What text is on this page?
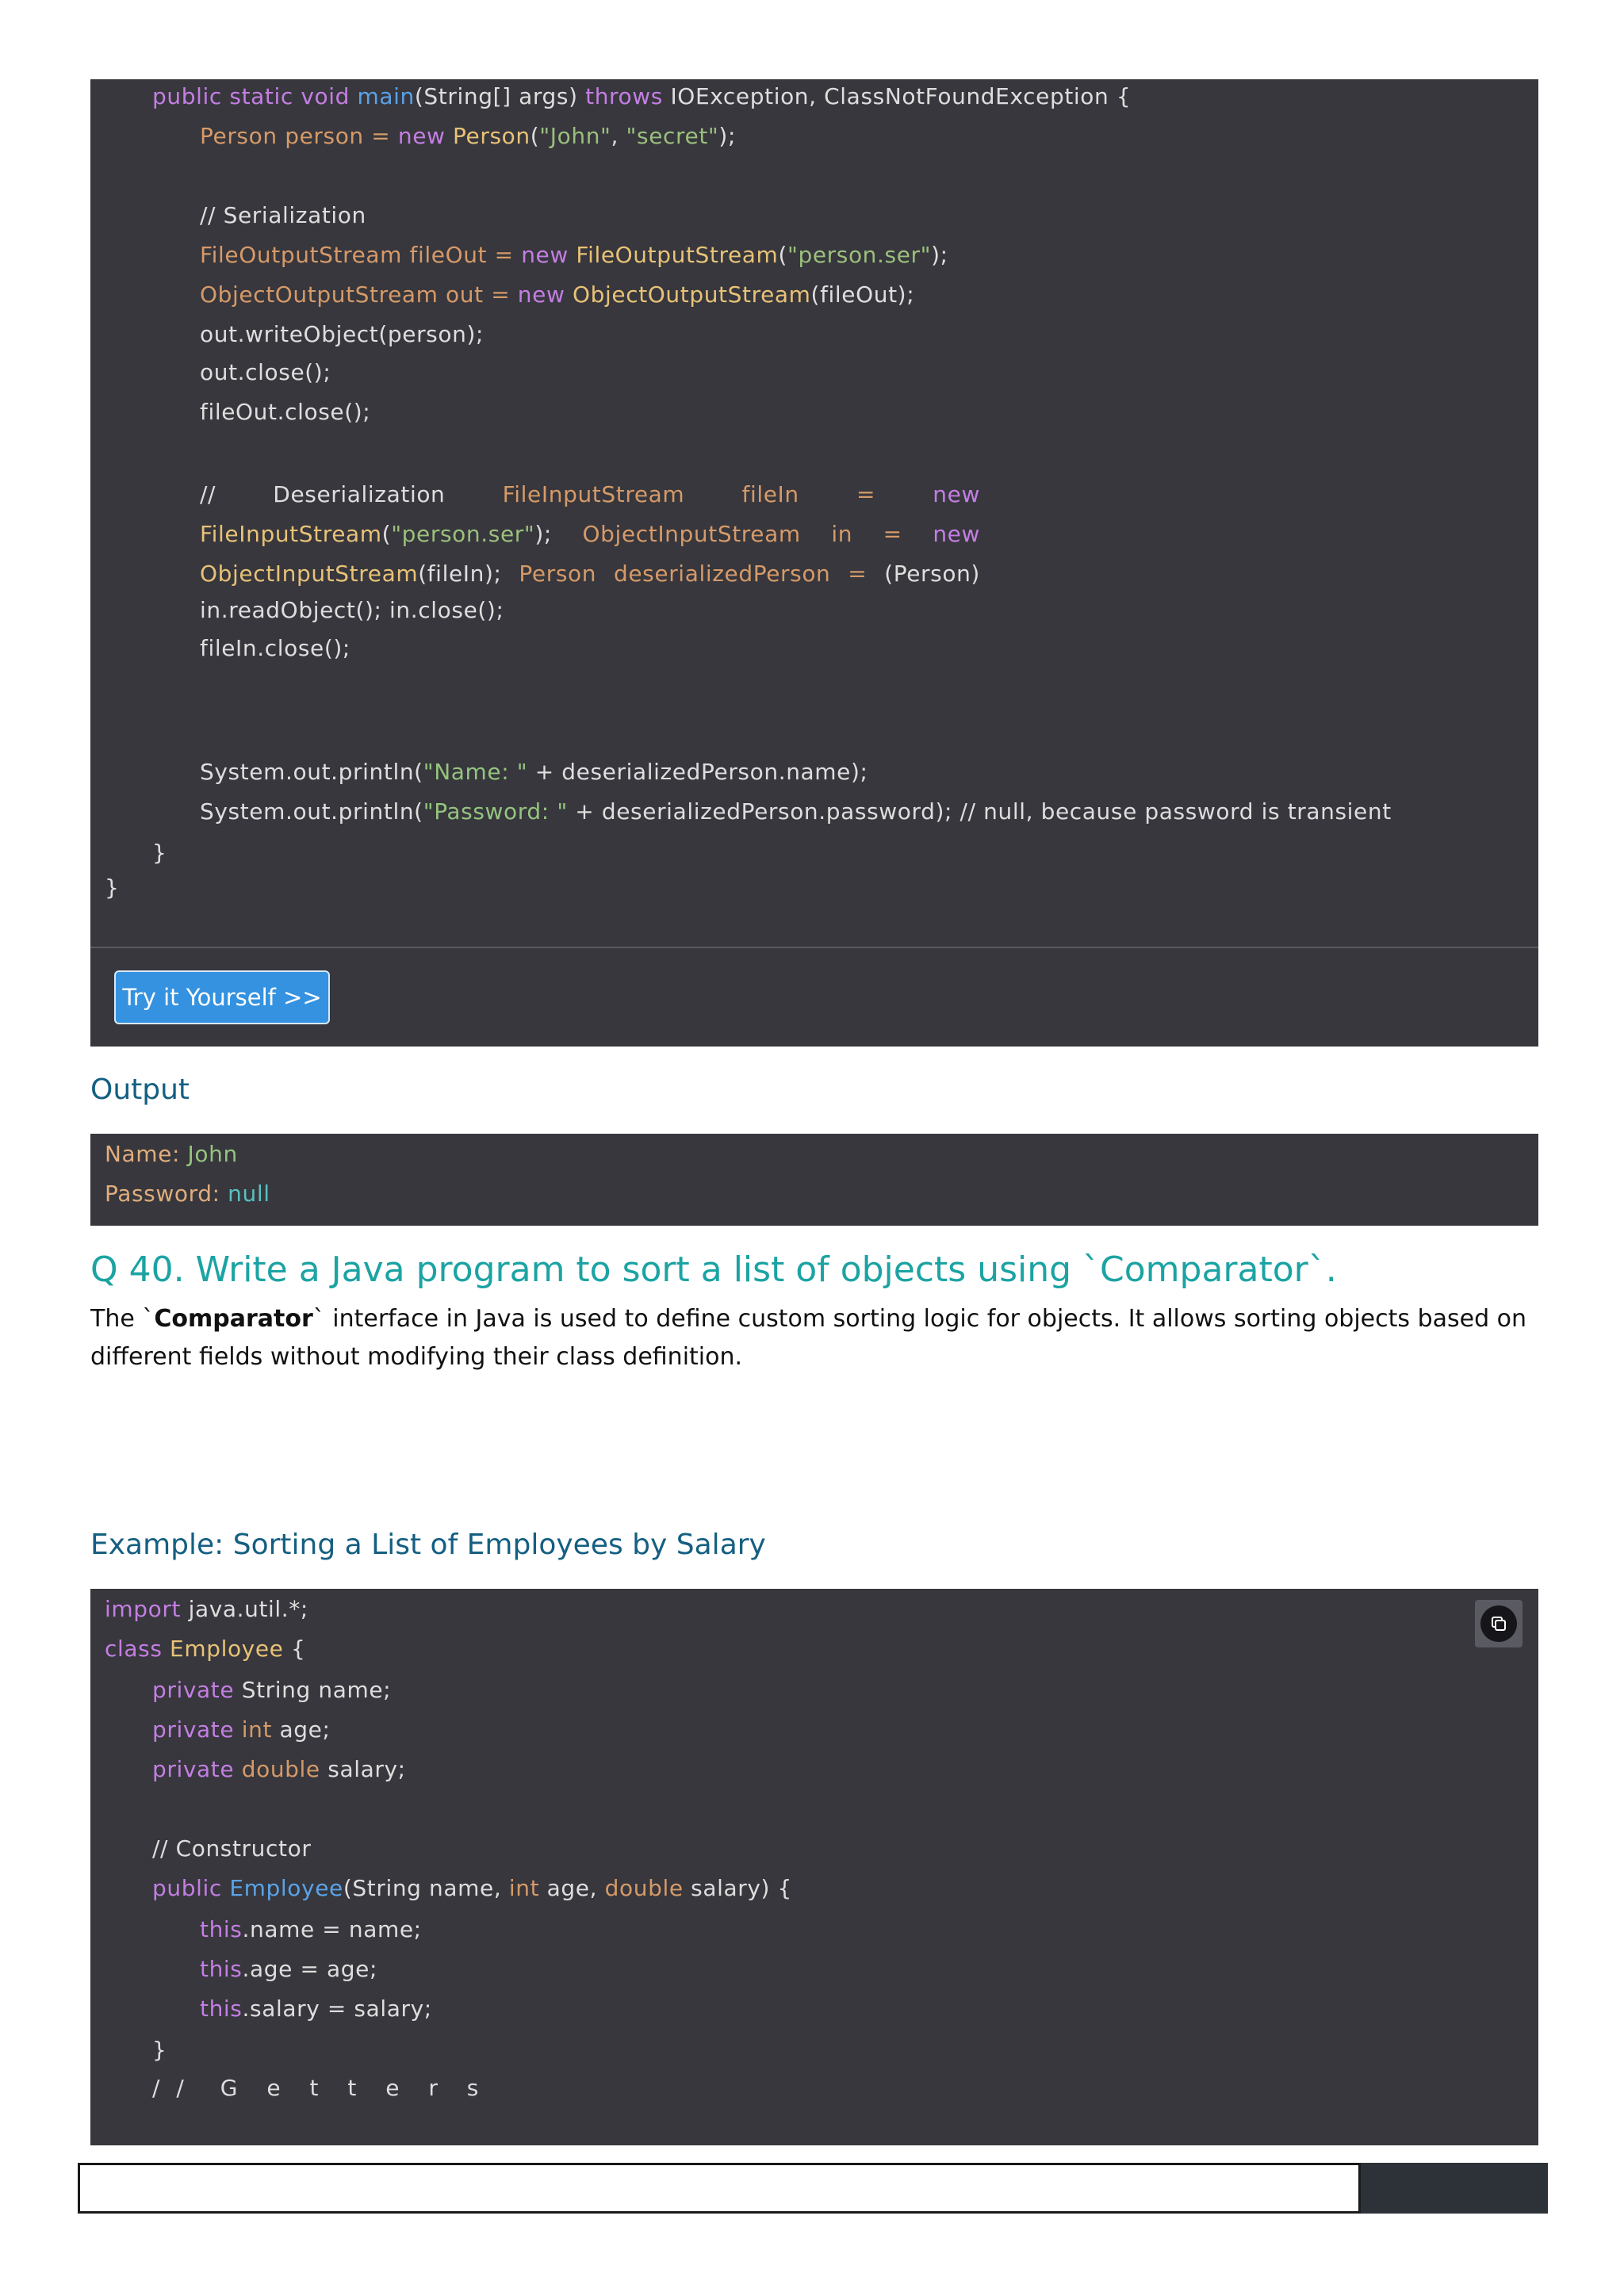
public static void main(String[] args) throws IOException, ClassNotFoundException {
Person person = new Person("John", "secret");
// Serialization
FileOutputStream fileOut = new FileOutputStream("person.ser");
ObjectOutputStream out = new ObjectOutputStream(fileOut);
out.writeObject(person);
out.close();
fileOut.close();
//	Deserialization	FileInputStream	fileIn	=	new
FileInputStream("person.ser"); ObjectInputStream in = new
ObjectInputStream(fileIn); Person deserializedPerson = (Person)
in.readObject(); in.close();
fileIn.close();
System.out.println("Name: " + deserializedPerson.name);
System.out.println("Password: " + deserializedPerson.password); // null, because password is transient
}
}
Try it Yourself >>
Output
Name: John
Password: null
Q 40. Write a Java program to sort a list of objects using `Comparator`.
The `Comparator` interface in Java is used to define custom sorting logic for objects. It allows sorting objects based on different fields without modifying their class definition.
Example: Sorting a List of Employees by Salary
import java.util.*;
class Employee {
private String name;
private int age;
private double salary;
// Constructor
public Employee(String name, int age, double salary) {
this.name = name;
this.age = age;
this.salary = salary;
}
/ / G e t t e r s
